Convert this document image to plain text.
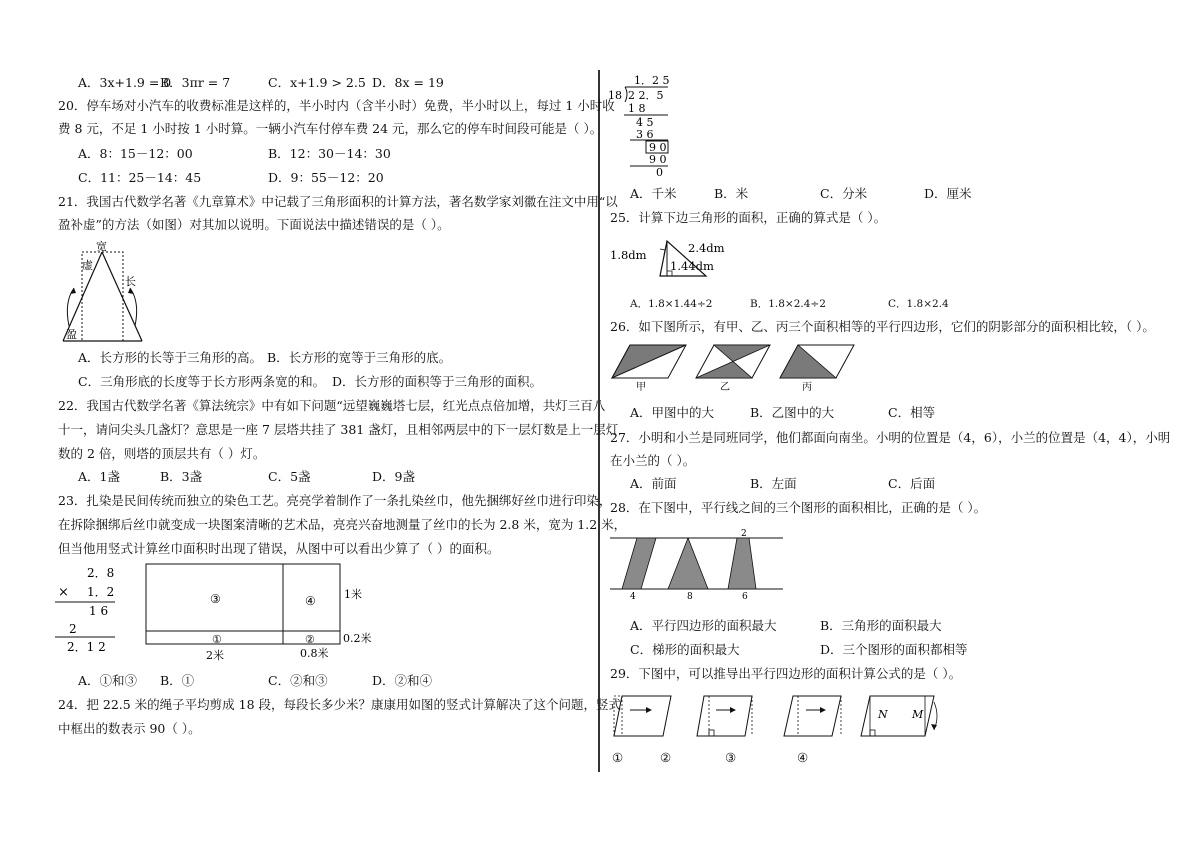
A．3x+1.9 = 0
B．3πr = 7	C．x+1.9 > 2.5 D．8x = 19
20．停车场对小汽车的收费标准是这样的，半小时内（含半小时）免费，半小时以上，每过 1 小时收
费 8 元，不足 1 小时按 1 小时算。一辆小汽车付停车费 24 元，那么它的停车时间段可能是（ ）。
A．8：15－12：00	B．12：30－14：30
C．11：25－14：45	D．9：55－12：20
21．我国古代数学名著《九章算术》中记载了三角形面积的计算方法，著名数学家刘徽在注文中用“以
盈补虚”的方法（如图）对其加以说明。下面说法中描述错误的是（ ）。
宽
虚
长
盈
A．长方形的长等于三角形的高。 B．长方形的宽等于三角形的底。
C．三角形底的长度等于长方形两条宽的和。 D．长方形的面积等于三角形的面积。
22．我国古代数学名著《算法统宗》中有如下问题“远望巍巍塔七层，红光点点倍加增，共灯三百八
十一，请问尖头几盏灯？意思是一座 7 层塔共挂了 381 盏灯，且相邻两层中的下一层灯数是上一层灯
数的 2 倍，则塔的顶层共有（ ）灯。
A．1盏	B．3盏	C．5盏	D．9盏
23．扎染是民间传统而独立的染色工艺。亮亮学着制作了一条扎染丝巾，他先捆绑好丝巾进行印染，
在拆除捆绑后丝巾就变成一块图案清晰的艺术品，亮亮兴奋地测量了丝巾的长为 2.8 米，宽为 1.2 米，
但当他用竖式计算丝巾面积时出现了错误，从图中可以看出少算了（ ）的面积。
2．8
× 1．2
1 6
2
2．1 2
③	④
①	②
1米
0.2米
2米	0.8米
A．①和③ B．①	C．②和③	D．②和④
24．把 22.5 米的绳子平均剪成 18 段，每段长多少米？康康用如图的竖式计算解决了这个问题，竖式
中框出的数表示 90（ ）。
1．2 5
18 2 2．5
1 8
4 5
3 6
9 0
9 0
0
A．千米	B．米	C．分米	D．厘米
25．计算下边三角形的面积，正确的算式是（ ）。
1.8dm	2.4dm
1.44dm
A．1.8×1.44÷2	B．1.8×2.4÷2	C．1.8×2.4
26．如下图所示，有甲、乙、丙三个面积相等的平行四边形，它们的阴影部分的面积相比较，（ ）。
甲	乙	丙
A．甲图中的大	B．乙图中的大	C．相等
27．小明和小兰是同班同学，他们都面向南坐。小明的位置是（4，6），小兰的位置是（4，4），小明
在小兰的（ ）。
A．前面	B．左面	C．后面
28．在下图中，平行线之间的三个图形的面积相比，正确的是（ ）。
2
4	8	6
A．平行四边形的面积最大	B．三角形的面积最大
C．梯形的面积最大	D．三个图形的面积都相等
29．下图中，可以推导出平行四边形的面积计算公式的是（ ）。
N M
①	②	③	④
